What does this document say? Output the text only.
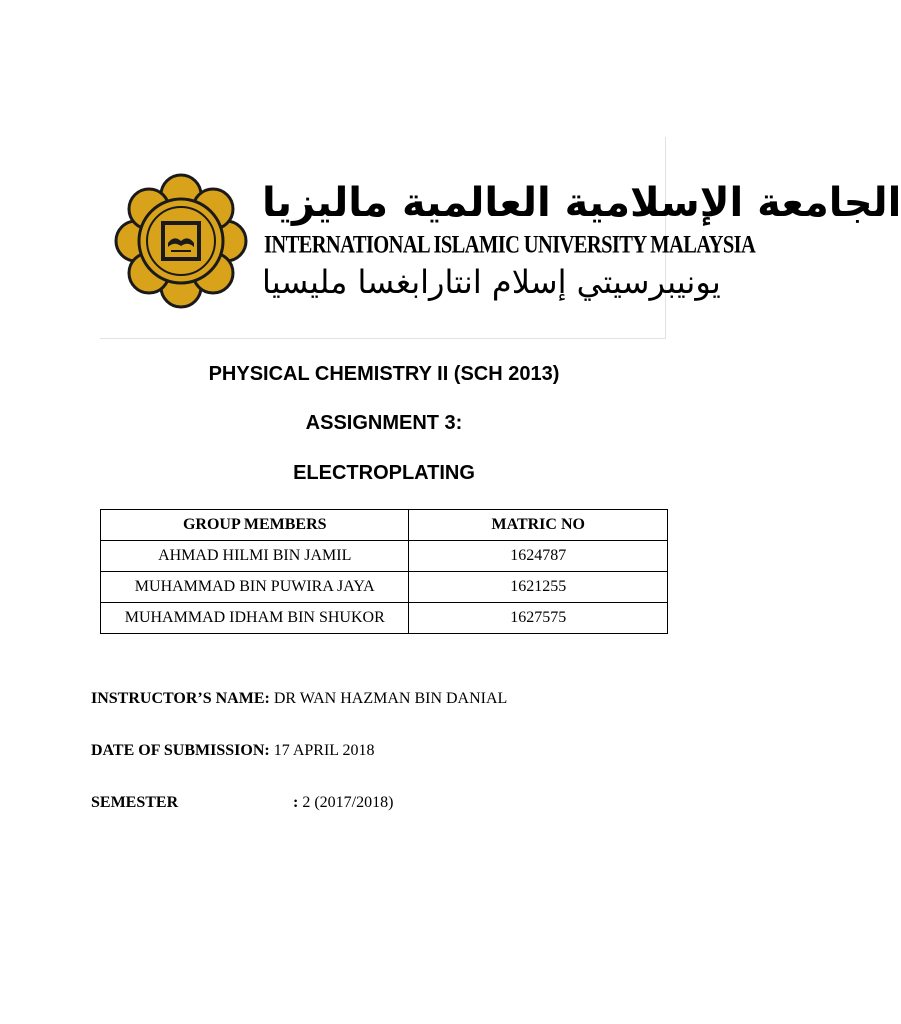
الجامعة الإسلامية العالمية ماليزيا
INTERNATIONAL ISLAMIC UNIVERSITY MALAYSIA
يونيبرسيتي إسلام انتارابغسا مليسيا
PHYSICAL CHEMISTRY II (SCH 2013)
ASSIGNMENT 3:
ELECTROPLATING
GROUP MEMBERS	MATRIC NO
AHMAD HILMI BIN JAMIL	1624787
MUHAMMAD BIN PUWIRA JAYA	1621255
MUHAMMAD IDHAM BIN SHUKOR	1627575
INSTRUCTOR’S NAME: DR WAN HAZMAN BIN DANIAL
DATE OF SUBMISSION: 17 APRIL 2018
SEMESTER	: 2 (2017/2018)
